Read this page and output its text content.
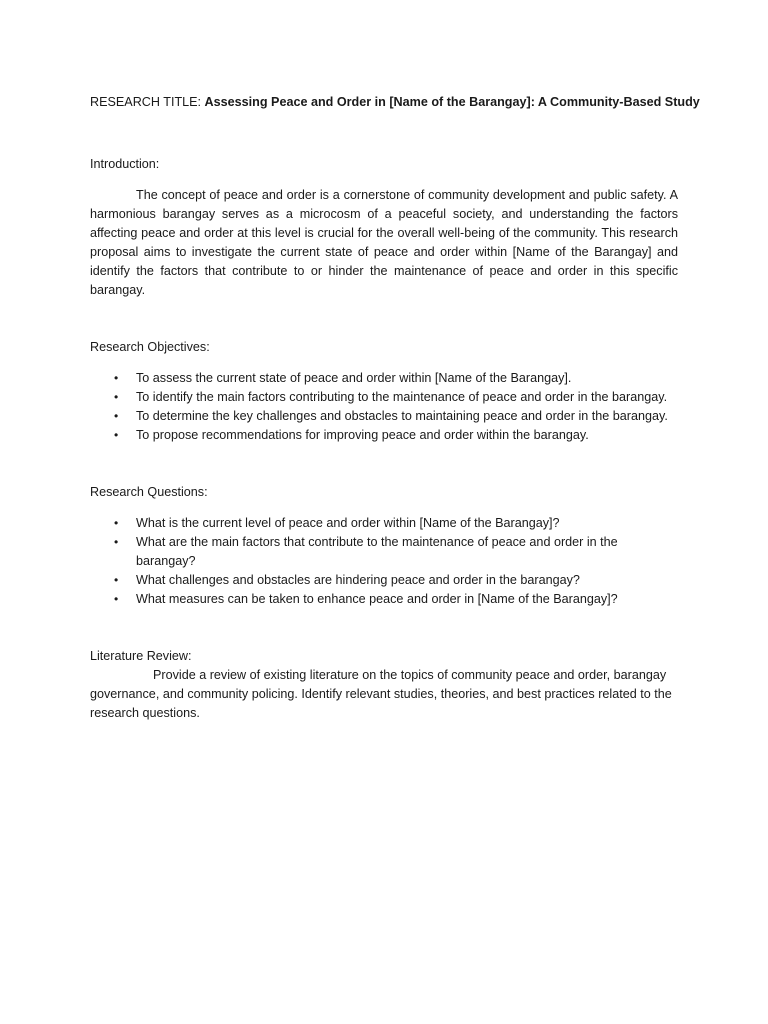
RESEARCH TITLE: Assessing Peace and Order in [Name of the Barangay]: A Community-Based Study

Introduction:

The concept of peace and order is a cornerstone of community development and public safety. A harmonious barangay serves as a microcosm of a peaceful society, and understanding the factors affecting peace and order at this level is crucial for the overall well-being of the community. This research proposal aims to investigate the current state of peace and order within [Name of the Barangay] and identify the factors that contribute to or hinder the maintenance of peace and order in this specific barangay.

Research Objectives:

• To assess the current state of peace and order within [Name of the Barangay].
• To identify the main factors contributing to the maintenance of peace and order in the barangay.
• To determine the key challenges and obstacles to maintaining peace and order in the barangay.
• To propose recommendations for improving peace and order within the barangay.

Research Questions:

• What is the current level of peace and order within [Name of the Barangay]?
• What are the main factors that contribute to the maintenance of peace and order in the barangay?
• What challenges and obstacles are hindering peace and order in the barangay?
• What measures can be taken to enhance peace and order in [Name of the Barangay]?

Literature Review:

Provide a review of existing literature on the topics of community peace and order, barangay governance, and community policing. Identify relevant studies, theories, and best practices related to the research questions.
